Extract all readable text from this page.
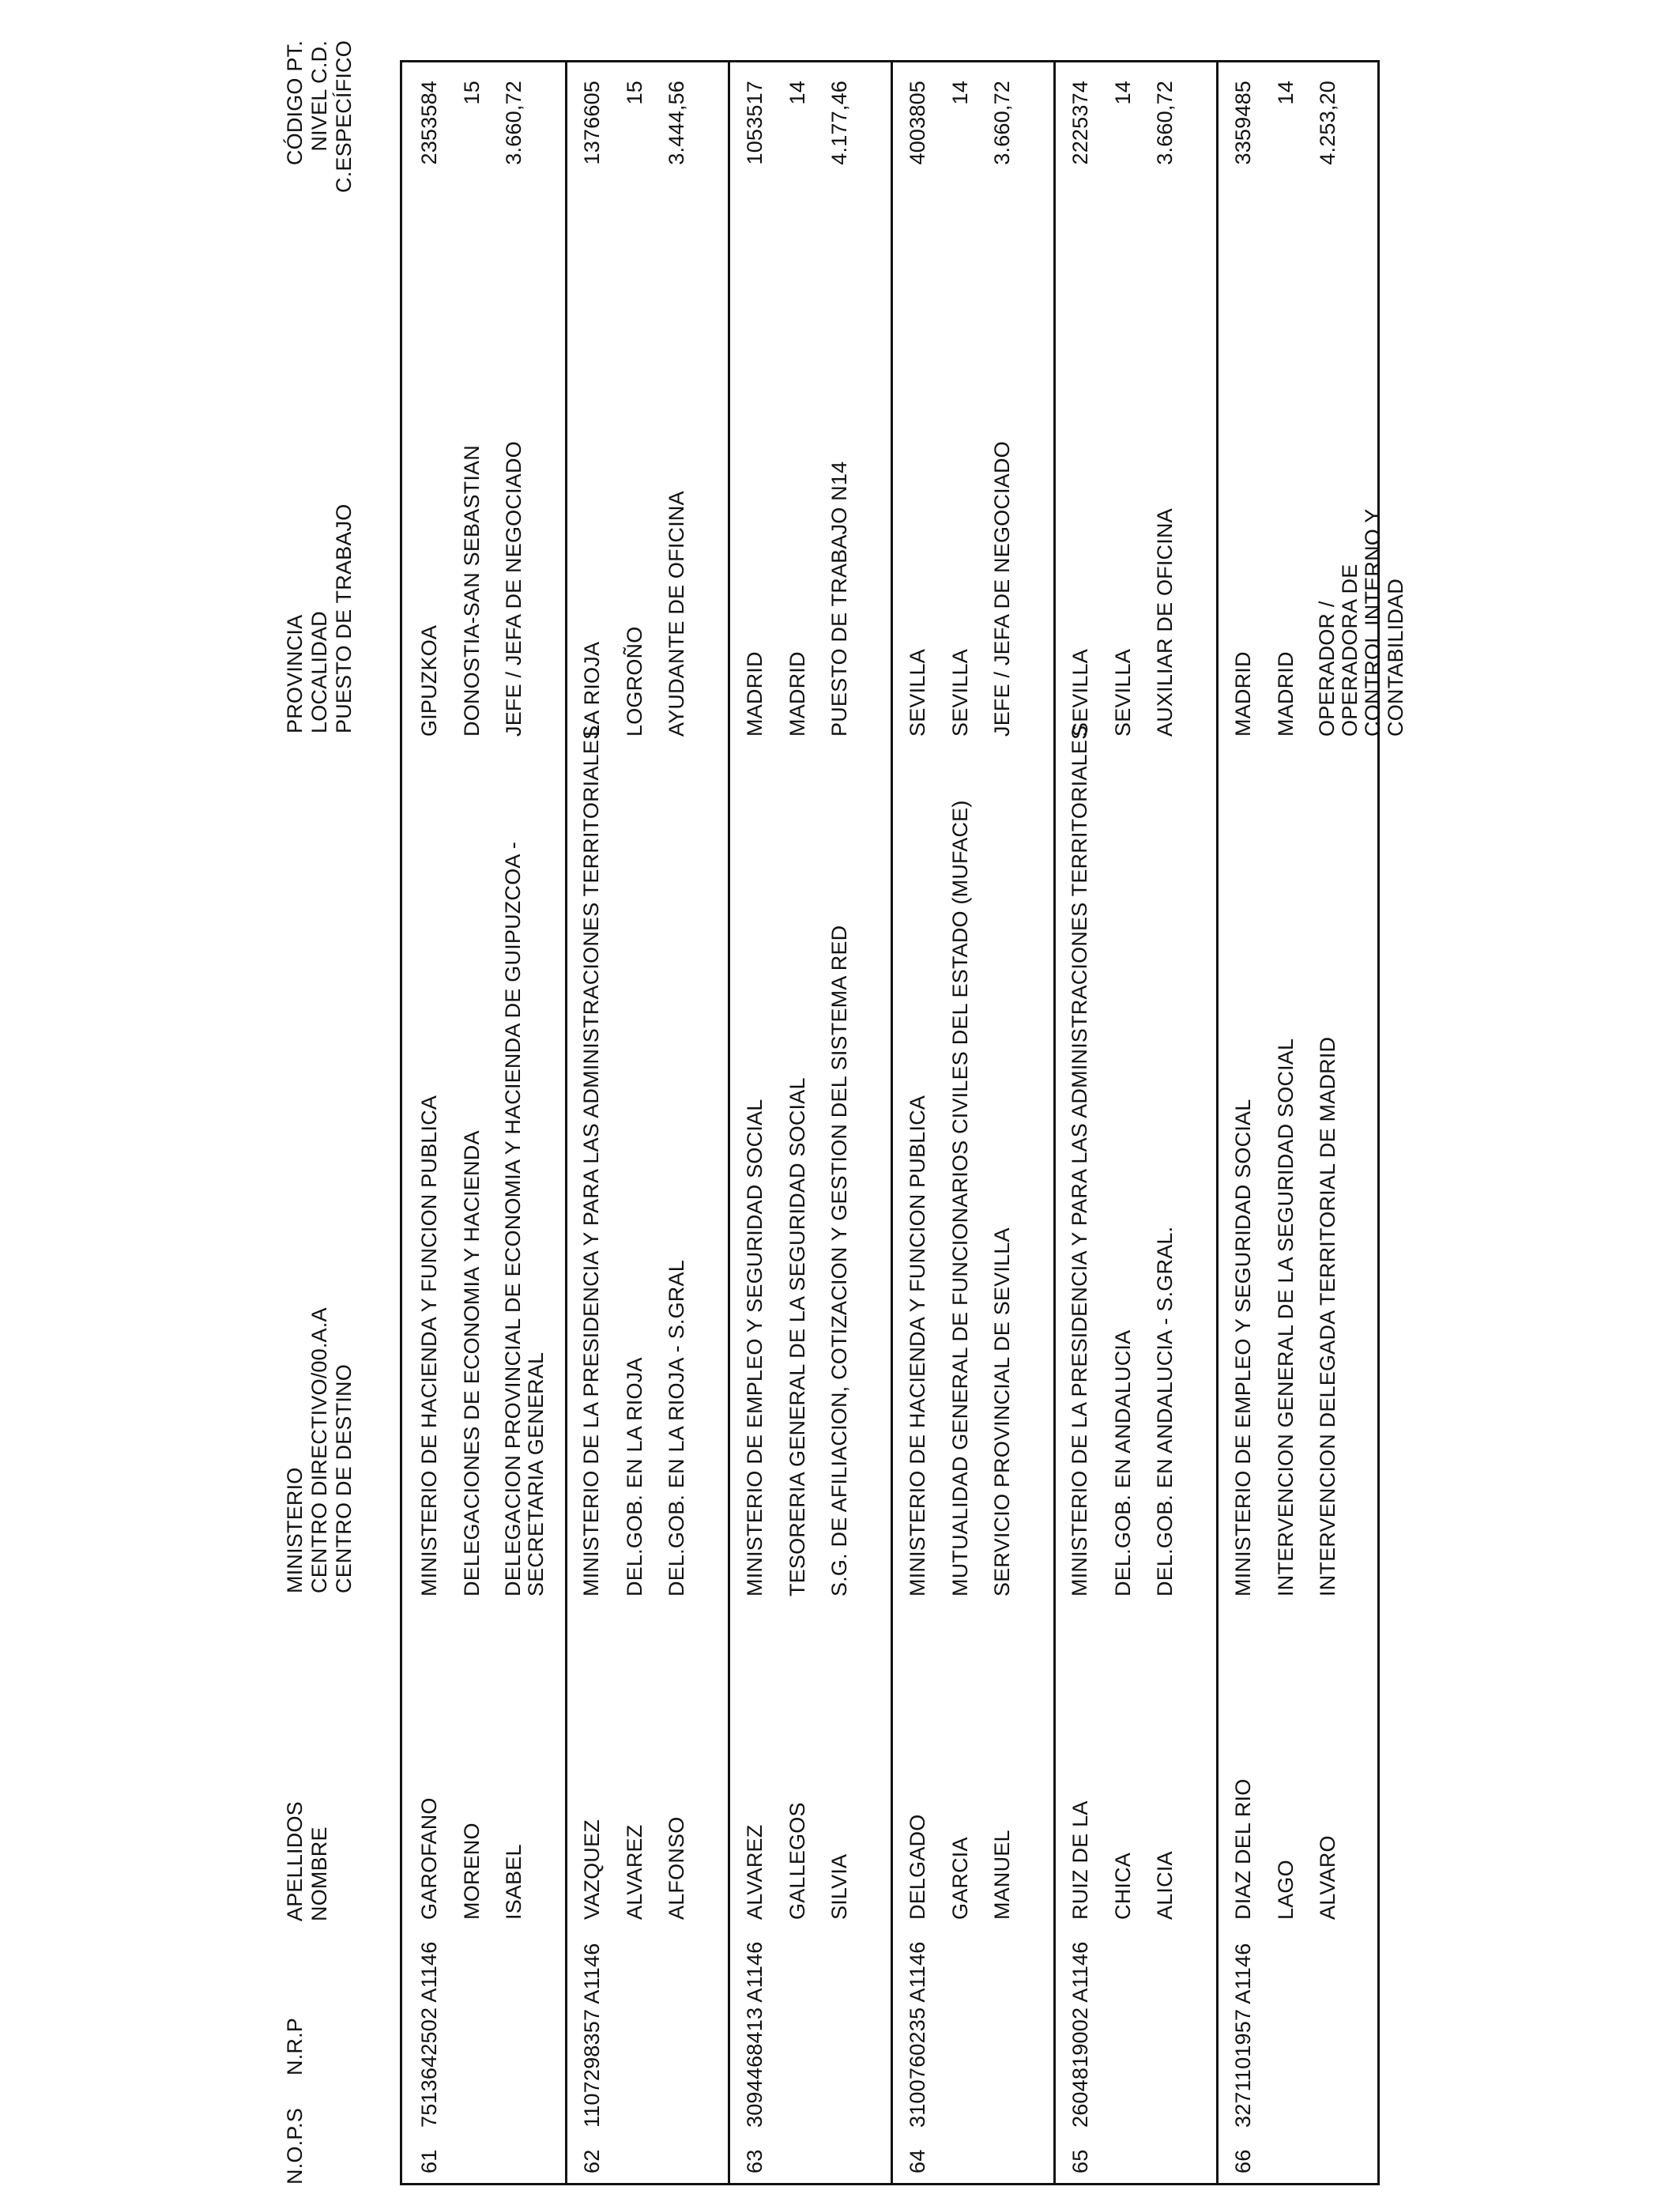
N.O.P.S
N.R.P
APELLIDOS NOMBRE
MINISTERIO CENTRO DIRECTIVO/00.A.A CENTRO DE DESTINO
PROVINCIA LOCALIDAD PUESTO DE TRABAJO
CÓDIGO PT. NIVEL C.D. C.ESPECÍFICO
61
7513642502 A1146
GAROFANO MORENO ISABEL
MINISTERIO DE HACIENDA Y FUNCION PUBLICA DELEGACIONES DE ECONOMIA Y HACIENDA DELEGACION PROVINCIAL DE ECONOMIA Y HACIENDA DE GUIPUZCOA - SECRETARIA GENERAL
GIPUZKOA DONOSTIA-SAN SEBASTIAN JEFE / JEFA DE NEGOCIADO
2353584 15 3.660,72
62
1107298357 A1146
VAZQUEZ ALVAREZ ALFONSO
MINISTERIO DE LA PRESIDENCIA Y PARA LAS ADMINISTRACIONES TERRITORIALES DEL.GOB. EN LA RIOJA DEL.GOB. EN LA RIOJA - S.GRAL
LA RIOJA LOGROÑO AYUDANTE DE OFICINA
1376605 15 3.444,56
63
3094468413 A1146
ALVAREZ GALLEGOS SILVIA
MINISTERIO DE EMPLEO Y SEGURIDAD SOCIAL TESORERIA GENERAL DE LA SEGURIDAD SOCIAL S.G. DE AFILIACION, COTIZACION Y GESTION DEL SISTEMA RED
MADRID MADRID PUESTO DE TRABAJO N14
1053517 14 4.177,46
64
3100760235 A1146
DELGADO GARCIA MANUEL
MINISTERIO DE HACIENDA Y FUNCION PUBLICA MUTUALIDAD GENERAL DE FUNCIONARIOS CIVILES DEL ESTADO (MUFACE) SERVICIO PROVINCIAL DE SEVILLA
SEVILLA SEVILLA JEFE / JEFA DE NEGOCIADO
4003805 14 3.660,72
65
2604819002 A1146
RUIZ DE LA CHICA ALICIA
MINISTERIO DE LA PRESIDENCIA Y PARA LAS ADMINISTRACIONES TERRITORIALES DEL.GOB. EN ANDALUCIA DEL.GOB. EN ANDALUCIA - S.GRAL.
SEVILLA SEVILLA AUXILIAR DE OFICINA
2225374 14 3.660,72
66
3271101957 A1146
DIAZ DEL RIO LAGO ALVARO
MINISTERIO DE EMPLEO Y SEGURIDAD SOCIAL INTERVENCION GENERAL DE LA SEGURIDAD SOCIAL INTERVENCION DELEGADA TERRITORIAL DE MADRID
MADRID MADRID OPERADOR / OPERADORA DE CONTROL INTERNO Y CONTABILIDAD
3359485 14 4.253,20
